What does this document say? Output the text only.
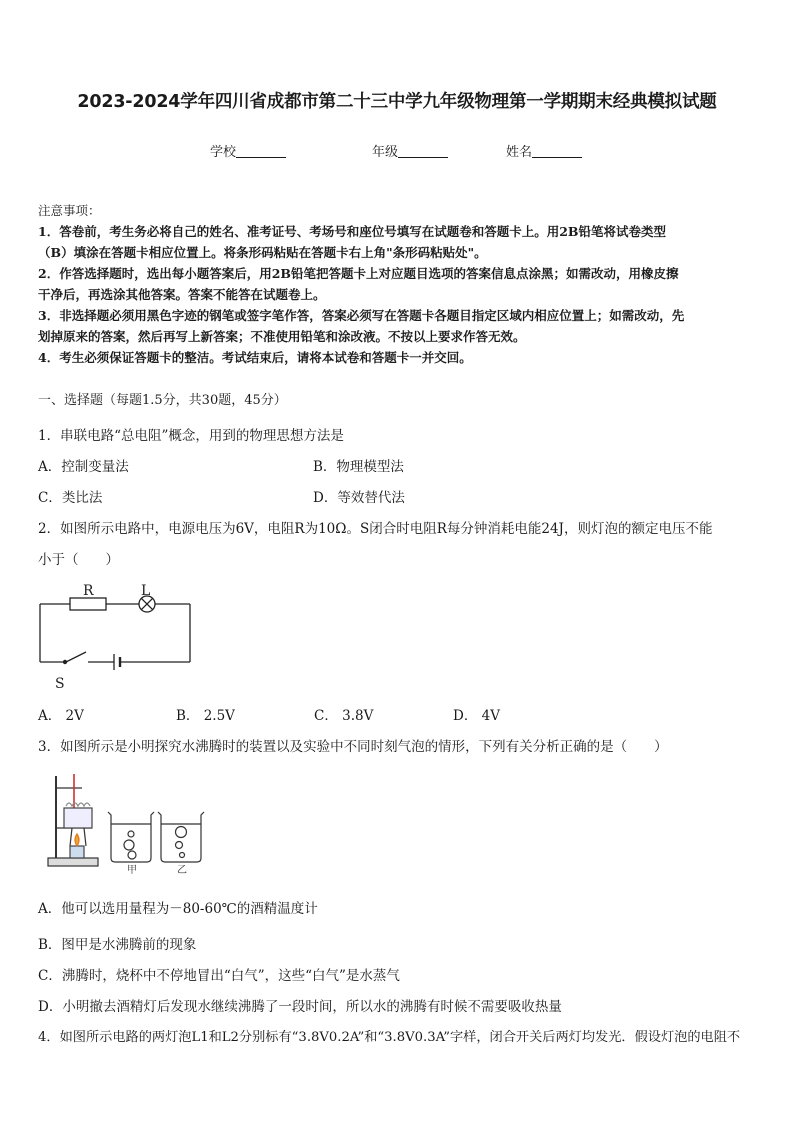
2023-2024学年四川省成都市第二十三中学九年级物理第一学期期末经典模拟试题
学校	年级	姓名
注意事项：
1．答卷前，考生务必将自己的姓名、准考证号、考场号和座位号填写在试题卷和答题卡上。用2B铅笔将试卷类型
（B）填涂在答题卡相应位置上。将条形码粘贴在答题卡右上角"条形码粘贴处"。
2．作答选择题时，选出每小题答案后，用2B铅笔把答题卡上对应题目选项的答案信息点涂黑；如需改动，用橡皮擦
干净后，再选涂其他答案。答案不能答在试题卷上。
3．非选择题必须用黑色字迹的钢笔或签字笔作答，答案必须写在答题卡各题目指定区域内相应位置上；如需改动，先
划掉原来的答案，然后再写上新答案；不准使用铅笔和涂改液。不按以上要求作答无效。
4．考生必须保证答题卡的整洁。考试结束后，请将本试卷和答题卡一并交回。
一、选择题（每题1.5分，共30题，45分）
1．串联电路“总电阻”概念，用到的物理思想方法是
A．控制变量法	B．物理模型法
C．类比法	D．等效替代法
2．如图所示电路中，电源电压为6V，电阻R为10Ω。S闭合时电阻R每分钟消耗电能24J，则灯泡的额定电压不能
小于（　　）
R	L
S
A． 2V	B． 2.5V	C． 3.8V	D． 4V
3．如图所示是小明探究水沸腾时的装置以及实验中不同时刻气泡的情形，下列有关分析正确的是（　　）
甲	乙
A．他可以选用量程为－80-60℃的酒精温度计
B．图甲是水沸腾前的现象
C．沸腾时，烧杯中不停地冒出“白气”，这些“白气”是水蒸气
D．小明撤去酒精灯后发现水继续沸腾了一段时间，所以水的沸腾有时候不需要吸收热量
4．如图所示电路的两灯泡L1和L2分别标有“3.8V0.2A”和“3.8V0.3A”字样，闭合开关后两灯均发光．假设灯泡的电阻不
